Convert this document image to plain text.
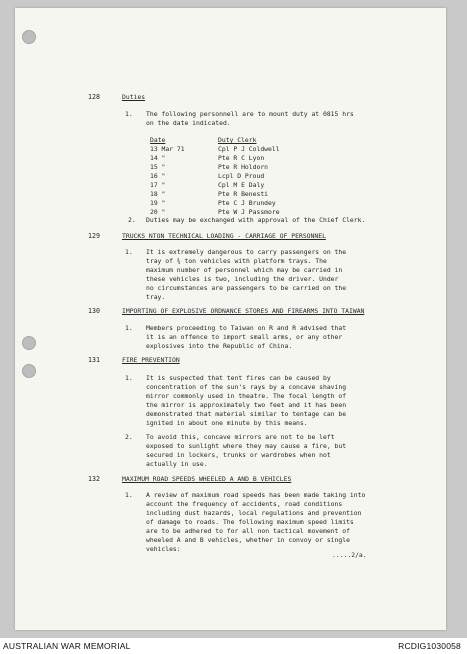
128	Duties
1. The following personnell are to mount duty at 0815 hrs
on the date indicated.
Date	Duty Clerk
13 Mar 71	Cpl P J Coldwell
14 "	Pte R C Lyon
15 "	Pte R Holdorn
16 "	Lcpl D Proud
17 "	Cpl M E Daly
18 "	Pte R Benesti
19 "	Pte C J Brundey
20 "	Pte W J Passmore
2. Duties may be exchanged with approval of the Chief Clerk.
129	TRUCKS NTON TECHNICAL LOADING - CARRIAGE OF PERSONNEL
1. It is extremely dangerous to carry passengers on the
tray of ¾ ton vehicles with platform trays. The
maximum number of personnel which may be carried in
these vehicles is two, including the driver. Under
no circumstances are passengers to be carried on the
tray.
130	IMPORTING OF EXPLOSIVE ORDNANCE STORES AND FIREARMS INTO TAIWAN
1. Members proceeding to Taiwan on R and R advised that
it is an offence to import small arms, or any other
explosives into the Republic of China.
131	FIRE PREVENTION
1. It is suspected that tent fires can be caused by
concentration of the sun's rays by a concave shaving
mirror commonly used in theatre. The focal length of
the mirror is approximately two feet and it has been
demonstrated that material similar to tentage can be
ignited in about one minute by this means.
2. To avoid this, concave mirrors are not to be left
exposed to sunlight where they may cause a fire, but
secured in lockers, trunks or wardrobes when not
actually in use.
132	MAXIMUM ROAD SPEEDS WHEELED A AND B VEHICLES
1. A review of maximum road speeds has been made taking into
account the frequency of accidents, road conditions
including dust hazards, local regulations and prevention
of damage to roads. The following maximum speed limits
are to be adhered to for all non tactical movement of
wheeled A and B vehicles, whether in convoy or single
vehicles:
.....2/a.
AUSTRALIAN WAR MEMORIAL	RCDIG1030058
